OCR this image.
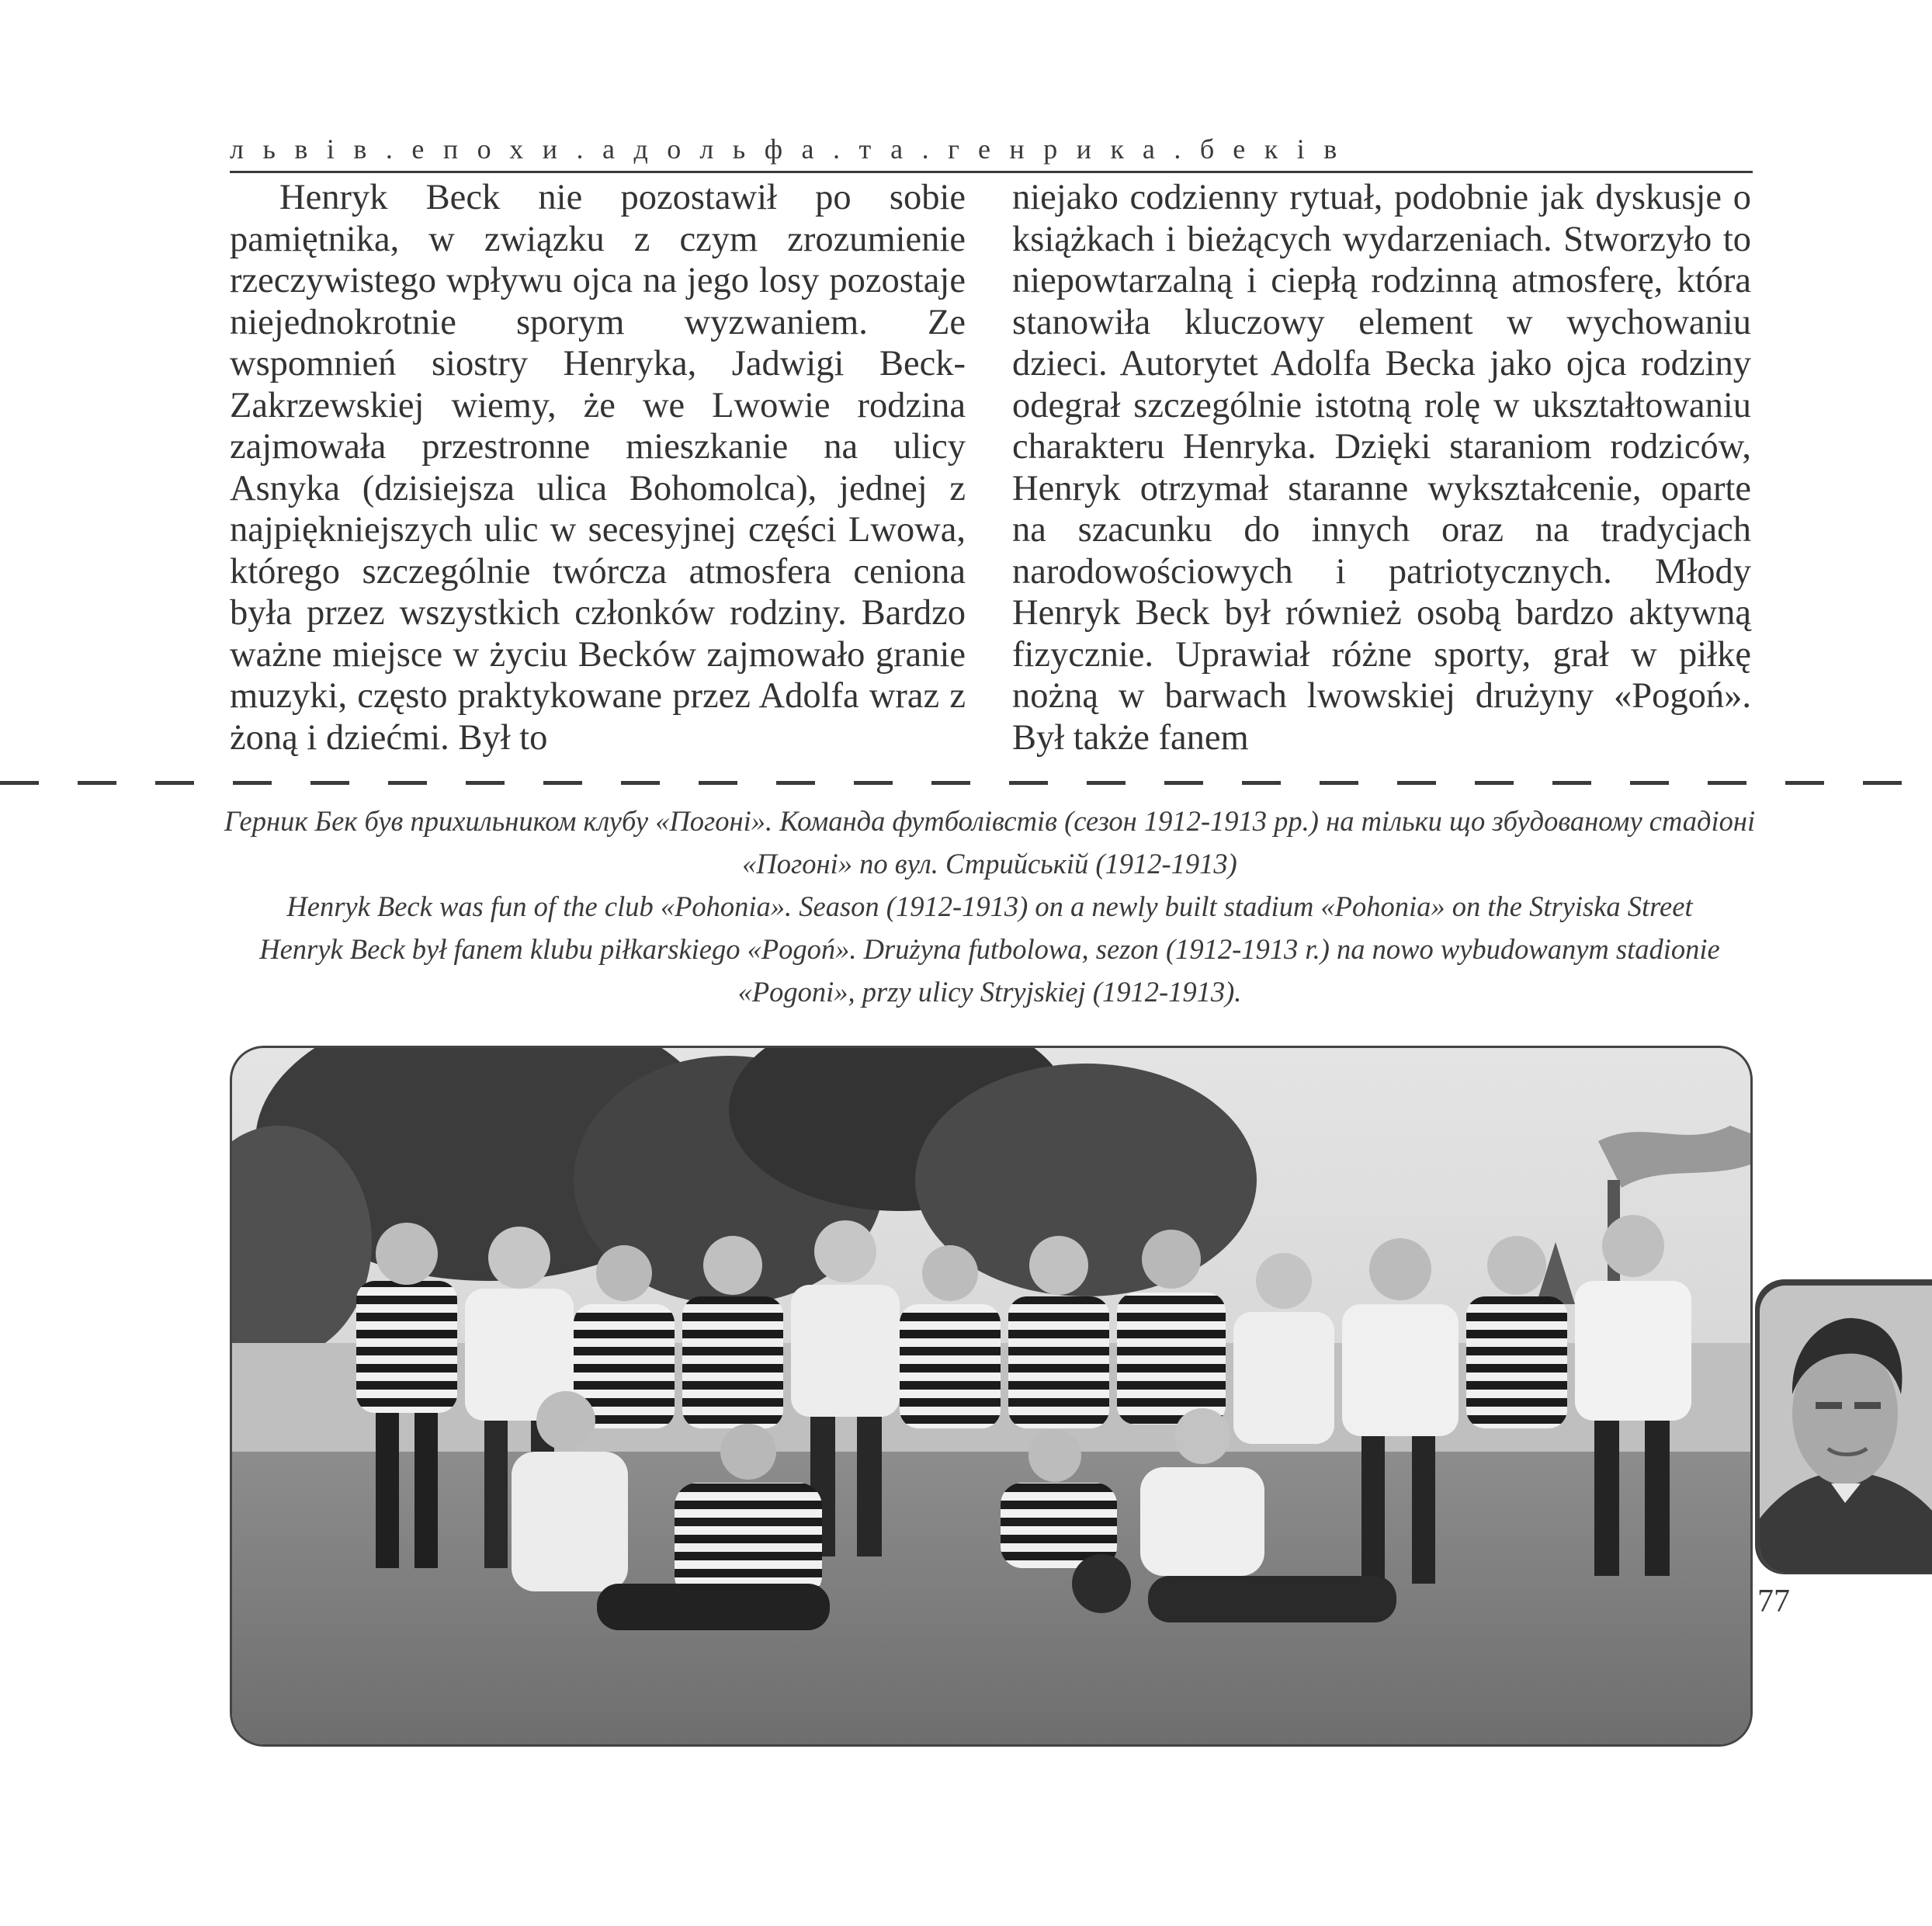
львів.епохи.адольфа.та.генрика.беків

Henryk Beck nie pozostawił po sobie pamiętnika, w związku z czym zrozumienie rzeczywistego wpływu ojca na jego losy pozostaje niejednokrotnie sporym wyzwaniem. Ze wspomnień siostry Henryka, Jadwigi Beck-Zakrzewskiej wiemy, że we Lwowie rodzina zajmowała przestronne mieszkanie na ulicy Asnyka (dzisiejsza ulica Bohomolca), jednej z najpiękniejszych ulic w secesyjnej części Lwowa, którego szczególnie twórcza atmosfera ceniona była przez wszystkich członków rodziny. Bardzo ważne miejsce w życiu Becków zajmowało granie muzyki, często praktykowane przez Adolfa wraz z żoną i dziećmi. Był to

niejako codzienny rytuał, podobnie jak dyskusje o książkach i bieżących wydarzeniach. Stworzyło to niepowtarzalną i ciepłą rodzinną atmosferę, która stanowiła kluczowy element w wychowaniu dzieci. Autorytet Adolfa Becka jako ojca rodziny odegrał szczególnie istotną rolę w ukształtowaniu charakteru Henryka. Dzięki staraniom rodziców, Henryk otrzymał staranne wykształcenie, oparte na szacunku do innych oraz na tradycjach narodowościowych i patriotycznych. Młody Henryk Beck był również osobą bardzo aktywną fizycznie. Uprawiał różne sporty, grał w piłkę nożną w barwach lwowskiej drużyny «Pogoń». Był także fanem

Герник Бек був прихильником клубу «Погоні». Команда футболівстів (сезон 1912-1913 рр.) на тільки що збудованому стадіоні «Погоні» по вул. Стрийській (1912-1913)

Henryk Beck was fun of the club «Pohonia». Season (1912-1913) on a newly built stadium «Pohonia» on the Stryiska Street

Henryk Beck był fanem klubu piłkarskiego «Pogoń». Drużyna futbolowa, sezon (1912-1913 r.) na nowo wybudowanym stadionie «Pogoni», przy ulicy Stryjskiej (1912-1913).

77
